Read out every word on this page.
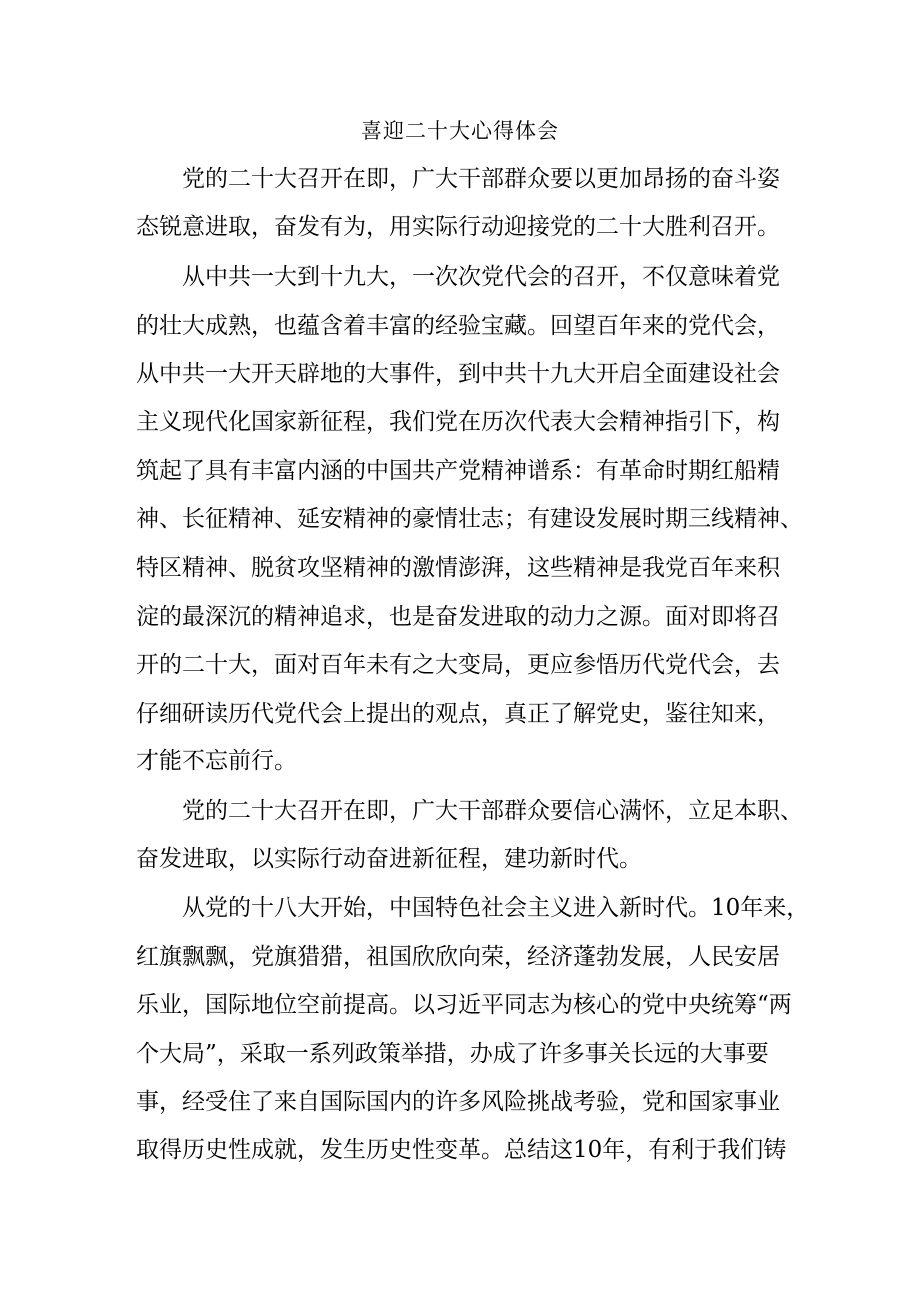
喜迎二十大心得体会
　　党的二十大召开在即，广大干部群众要以更加昂扬的奋斗姿
态锐意进取，奋发有为，用实际行动迎接党的二十大胜利召开。
　　从中共一大到十九大，一次次党代会的召开，不仅意味着党
的壮大成熟，也蕴含着丰富的经验宝藏。回望百年来的党代会，
从中共一大开天辟地的大事件，到中共十九大开启全面建设社会
主义现代化国家新征程，我们党在历次代表大会精神指引下，构
筑起了具有丰富内涵的中国共产党精神谱系：有革命时期红船精
神、长征精神、延安精神的豪情壮志；有建设发展时期三线精神、
特区精神、脱贫攻坚精神的激情澎湃，这些精神是我党百年来积
淀的最深沉的精神追求，也是奋发进取的动力之源。面对即将召
开的二十大，面对百年未有之大变局，更应参悟历代党代会，去
仔细研读历代党代会上提出的观点，真正了解党史，鉴往知来，
才能不忘前行。
　　党的二十大召开在即，广大干部群众要信心满怀，立足本职、
奋发进取，以实际行动奋进新征程，建功新时代。
　　从党的十八大开始，中国特色社会主义进入新时代。10年来，
红旗飘飘，党旗猎猎，祖国欣欣向荣，经济蓬勃发展，人民安居
乐业，国际地位空前提高。以习近平同志为核心的党中央统筹“两
个大局”，采取一系列政策举措，办成了许多事关长远的大事要
事，经受住了来自国际国内的许多风险挑战考验，党和国家事业
取得历史性成就，发生历史性变革。总结这10年，有利于我们铸
